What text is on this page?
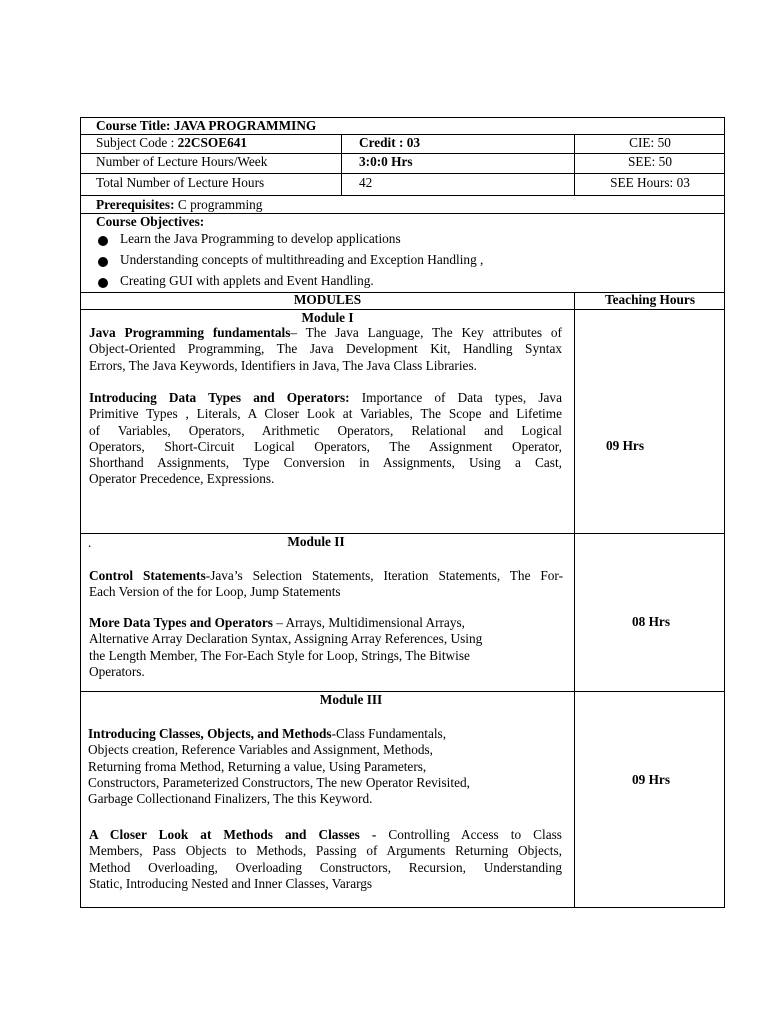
Course Title: JAVA PROGRAMMING
Subject Code : 22CSOE641	Credit : 03	CIE: 50
Number of Lecture Hours/Week	3:0:0 Hrs	SEE: 50
Total Number of Lecture Hours	42	SEE Hours: 03
Prerequisites: C programming
Course Objectives:
Learn the Java Programming to develop applications
Understanding concepts of multithreading and Exception Handling ,
Creating GUI with applets and Event Handling.
MODULES	Teaching Hours
Module I
Java Programming fundamentals– The Java Language, The Key attributes of
Object-Oriented Programming, The Java Development Kit, Handling Syntax
Errors, The Java Keywords, Identifiers in Java, The Java Class Libraries.
Introducing Data Types and Operators: Importance of Data types, Java
Primitive Types , Literals, A Closer Look at Variables, The Scope and Lifetime
of Variables, Operators, Arithmetic Operators, Relational and Logical
Operators, Short-Circuit Logical Operators, The Assignment Operator,
Shorthand Assignments, Type Conversion in Assignments, Using a Cast,
Operator Precedence, Expressions.
09 Hrs
.	Module II
Control Statements-Java’s Selection Statements, Iteration Statements, The For-
Each Version of the for Loop, Jump Statements
More Data Types and Operators – Arrays, Multidimensional Arrays,
Alternative Array Declaration Syntax, Assigning Array References, Using
the Length Member, The For-Each Style for Loop, Strings, The Bitwise
Operators.
08 Hrs
Module III
Introducing Classes, Objects, and Methods-Class Fundamentals,
Objects creation, Reference Variables and Assignment, Methods,
Returning froma Method, Returning a value, Using Parameters,
Constructors, Parameterized Constructors, The new Operator Revisited,
Garbage Collectionand Finalizers, The this Keyword.
A Closer Look at Methods and Classes - Controlling Access to Class
Members, Pass Objects to Methods, Passing of Arguments Returning Objects,
Method Overloading, Overloading Constructors, Recursion, Understanding
Static, Introducing Nested and Inner Classes, Varargs
09 Hrs
